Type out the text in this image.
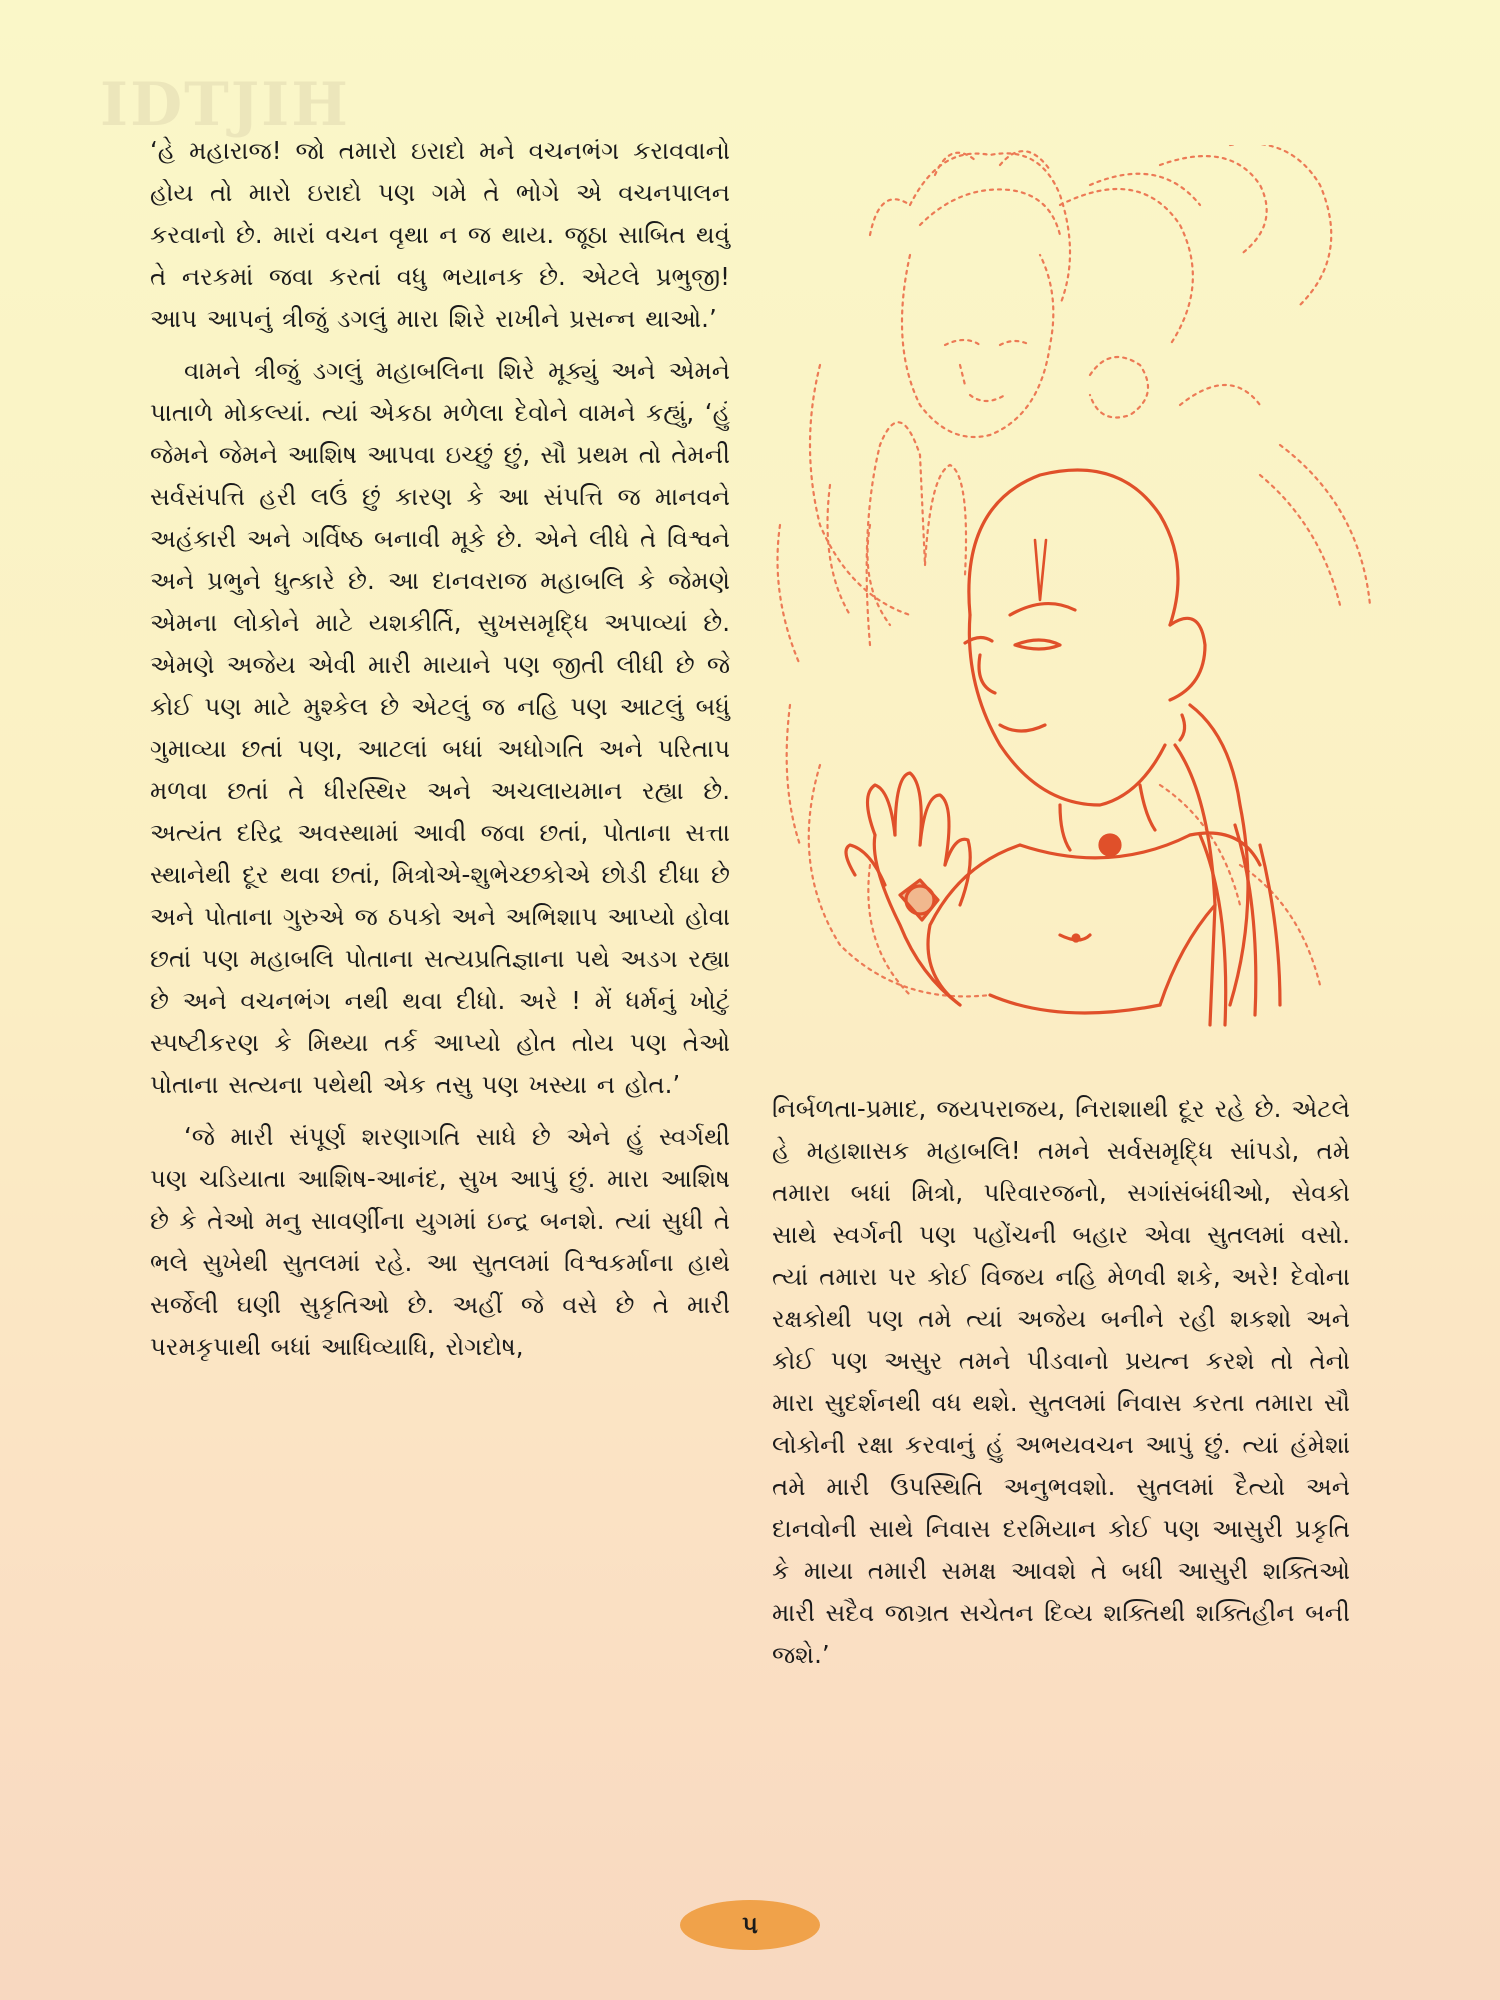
IDTJIH

‘હે મહારાજ! જો તમારો ઇરાદો મને વચનભંગ કરાવવાનો હોય તો મારો ઇરાદો પણ ગમે તે ભોગે એ વચનપાલન કરવાનો છે. મારાં વચન વૃથા ન જ થાય. જૂઠા સાબિત થવું તે નરકમાં જવા કરતાં વધુ ભયાનક છે. એટલે પ્રભુજી! આપ આપનું ત્રીજું ડગલું મારા શિરે રાખીને પ્રસન્ન થાઓ.’

વામને ત્રીજું ડગલું મહાબલિના શિરે મૂક્યું અને એમને પાતાળે મોકલ્યાં. ત્યાં એકઠા મળેલા દેવોને વામને કહ્યું, ‘હું જેમને જેમને આશિષ આપવા ઇચ્છું છું, સૌ પ્રથમ તો તેમની સર્વસંપત્તિ હરી લઉં છું કારણ કે આ સંપત્તિ જ માનવને અહંકારી અને ગર્વિષ્ઠ બનાવી મૂકે છે. એને લીધે તે વિશ્વને અને પ્રભુને ધુત્કારે છે. આ દાનવરાજ મહાબલિ કે જેમણે એમના લોકોને માટે યશકીર્તિ, સુખસમૃદ્ધિ અપાવ્યાં છે. એમણે અજેય એવી મારી માયાને પણ જીતી લીધી છે જે કોઈ પણ માટે મુશ્કેલ છે એટલું જ નહિ પણ આટલું બધું ગુમાવ્યા છતાં પણ, આટલાં બધાં અધોગતિ અને પરિતાપ મળવા છતાં તે ધીરસ્થિર અને અચલાયમાન રહ્યા છે. અત્યંત દરિદ્ર અવસ્થામાં આવી જવા છતાં, પોતાના સત્તા સ્થાનેથી દૂર થવા છતાં, મિત્રોએ-શુભેચ્છકોએ છોડી દીધા છે અને પોતાના ગુરુએ જ ઠપકો અને અભિશાપ આપ્યો હોવા છતાં પણ મહાબલિ પોતાના સત્યપ્રતિજ્ઞાના પથે અડગ રહ્યા છે અને વચનભંગ નથી થવા દીધો. અરે ! મેં ધર્મનું ખોટું સ્પષ્ટીકરણ કે મિથ્યા તર્ક આપ્યો હોત તોય પણ તેઓ પોતાના સત્યના પથેથી એક તસુ પણ ખસ્યા ન હોત.’

‘જે મારી સંપૂર્ણ શરણાગતિ સાધે છે એને હું સ્વર્ગથી પણ ચડિયાતા આશિષ-આનંદ, સુખ આપું છું. મારા આશિષ છે કે તેઓ મનુ સાવર્ણીના યુગમાં ઇન્દ્ર બનશે. ત્યાં સુધી તે ભલે સુખેથી સુતલમાં રહે. આ સુતલમાં વિશ્વકર્માના હાથે સર્જેલી ઘણી સુકૃતિઓ છે. અહીં જે વસે છે તે મારી પરમકૃપાથી બધાં આધિવ્યાધિ, રોગદોષ,

નિર્બળતા-પ્રમાદ, જયપરાજય, નિરાશાથી દૂર રહે છે. એટલે હે મહાશાસક મહાબલિ! તમને સર્વસમૃદ્ધિ સાંપડો, તમે તમારા બધાં મિત્રો, પરિવારજનો, સગાંસંબંધીઓ, સેવકો સાથે સ્વર્ગની પણ પહોંચની બહાર એવા સુતલમાં વસો. ત્યાં તમારા પર કોઈ વિજય નહિ મેળવી શકે, અરે! દેવોના રક્ષકોથી પણ તમે ત્યાં અજેય બનીને રહી શકશો અને કોઈ પણ અસુર તમને પીડવાનો પ્રયત્ન કરશે તો તેનો મારા સુદર્શનથી વધ થશે. સુતલમાં નિવાસ કરતા તમારા સૌ લોકોની રક્ષા કરવાનું હું અભયવચન આપું છું. ત્યાં હંમેશાં તમે મારી ઉપસ્થિતિ અનુભવશો. સુતલમાં દૈત્યો અને દાનવોની સાથે નિવાસ દરમિયાન કોઈ પણ આસુરી પ્રકૃતિ કે માયા તમારી સમક્ષ આવશે તે બધી આસુરી શક્તિઓ મારી સદૈવ જાગ્રત સચેતન દિવ્ય શક્તિથી શક્તિહીન બની જશે.’

૫
